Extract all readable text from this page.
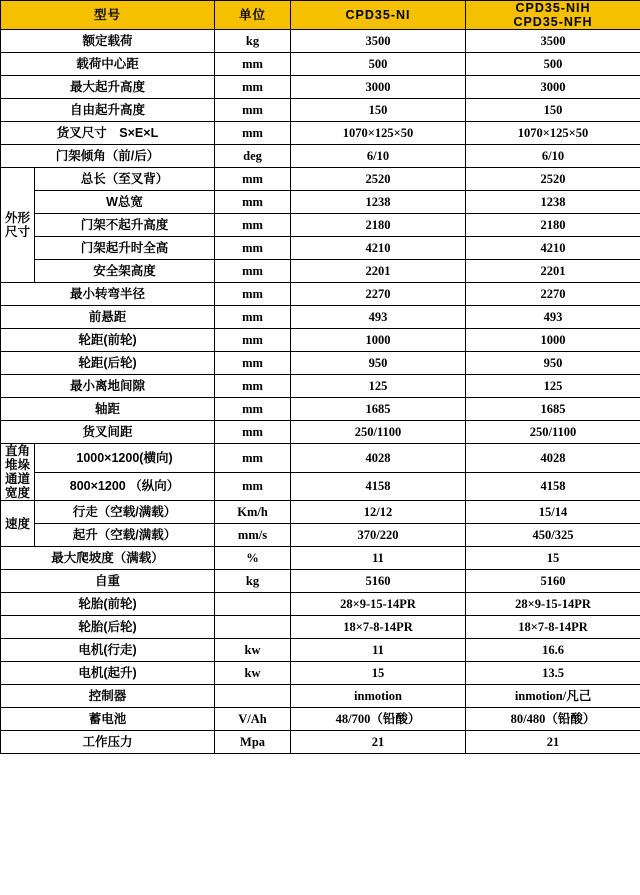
型号		单位	CPD35-NI	CPD35-NIH
CPD35-NFH

额定载荷		kg	3500	3500
载荷中心距		mm	500	500
最大起升高度		mm	3000	3000
自由起升高度		mm	150	150
货叉尺寸　S×E×L		mm	1070×125×50	1070×125×50
门架倾角（前/后）		deg	6/10	6/10
外形尺寸	总长（至叉背）	mm	2520	2520
	W总宽	mm	1238	1238
	门架不起升高度	mm	2180	2180
	门架起升时全高	mm	4210	4210
	安全架高度	mm	2201	2201
最小转弯半径		mm	2270	2270
前悬距		mm	493	493
轮距(前轮)		mm	1000	1000
轮距(后轮)		mm	950	950
最小离地间隙		mm	125	125
轴距		mm	1685	1685
货叉间距		mm	250/1100	250/1100
直角堆垛通道宽度	1000×1200(横向)	mm	4028	4028
	800×1200 （纵向）	mm	4158	4158
速度	行走（空载/满载）	Km/h	12/12	15/14
	起升（空载/满载）	mm/s	370/220	450/325
最大爬坡度（满载）		%	11	15
自重		kg	5160	5160
轮胎(前轮)			28×9-15-14PR	28×9-15-14PR
轮胎(后轮)			18×7-8-14PR	18×7-8-14PR
电机(行走)		kw	11	16.6
电机(起升)		kw	15	13.5
控制器			inmotion	inmotion/凡己
蓄电池		V/Ah	48/700（铅酸）	80/480（铅酸）
工作压力		Mpa	21	21
